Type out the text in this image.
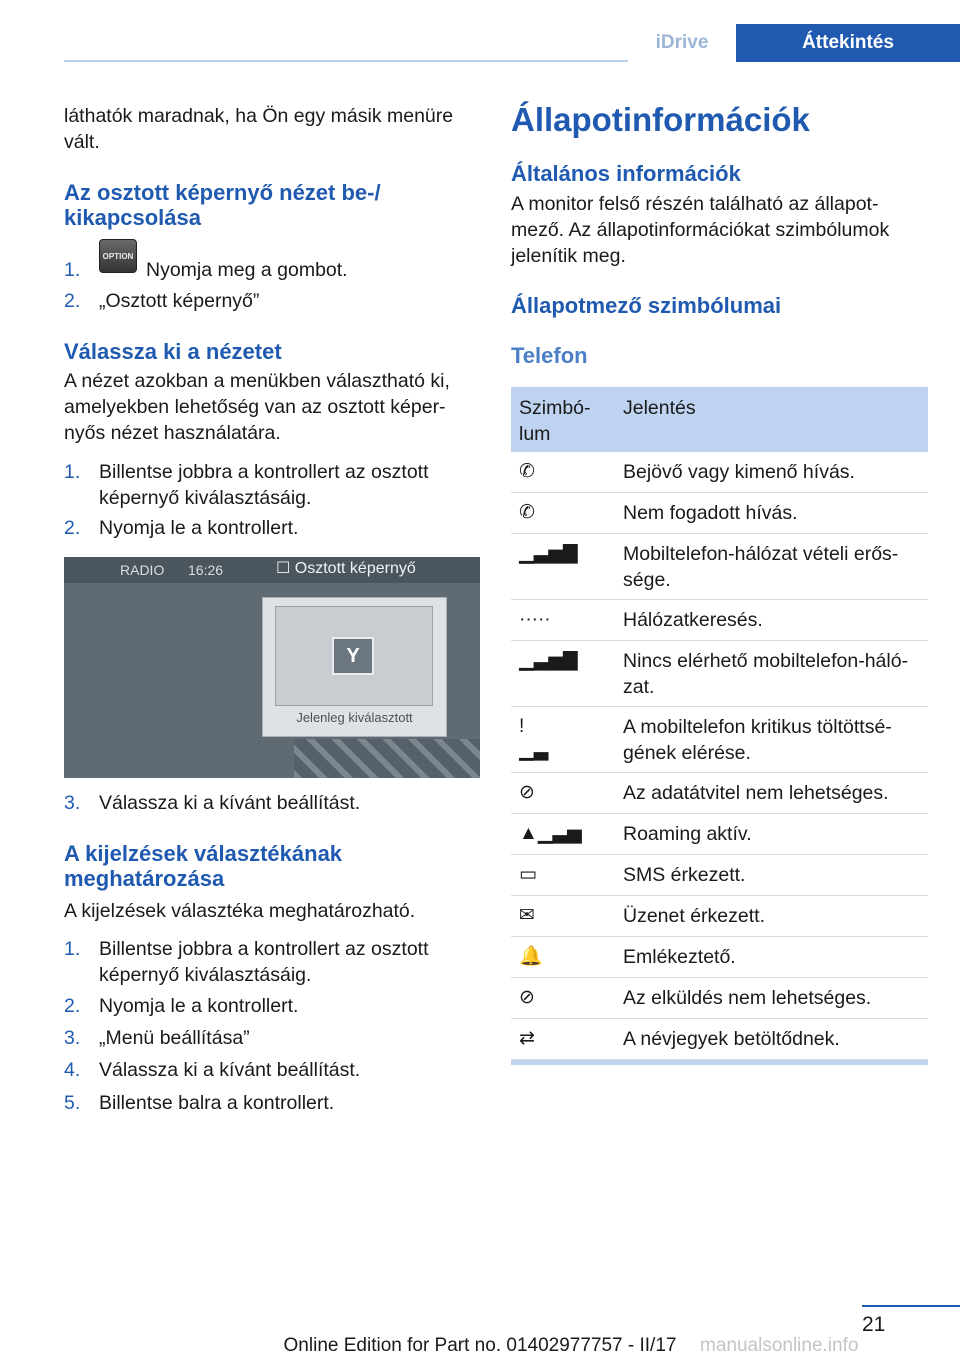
iDrive	Áttekintés
láthatók maradnak, ha Ön egy másik menüre
vált.
Az osztott képernyő nézet be-/
kikapcsolása
1.
OPTION
Nyomja meg a gombot.
2. „Osztott képernyő”
Válassza ki a nézetet
A nézet azokban a menükben választható ki,
amelyekben lehetőség van az osztott képer‐
nyős nézet használatára.
1. Billentse jobbra a kontrollert az osztott
képernyő kiválasztásáig.
2. Nyomja le a kontrollert.
RADIO 16:26	☐ Osztott képernyő
Y
Jelenleg kiválasztott
3. Válassza ki a kívánt beállítást.
A kijelzések választékának
meghatározása
A kijelzések választéka meghatározható.
1. Billentse jobbra a kontrollert az osztott
képernyő kiválasztásáig.
2. Nyomja le a kontrollert.
3. „Menü beállítása”
4. Válassza ki a kívánt beállítást.
5. Billentse balra a kontrollert.
Állapotinformációk
Általános információk
A monitor felső részén található az állapot‐
mező. Az állapotinformációkat szimbólumok
jelenítik meg.
Állapotmező szimbólumai
Telefon
Szimbó‐
lum
Jelentés
✆	Bejövő vagy kimenő hívás.
✆	Nem fogadott hívás.
▁▃▅▇ Mobiltelefon-hálózat vételi erős‐
sége.
·····	Hálózatkeresés.
▁▃▅▇ Nincs elérhető mobiltelefon-háló‐
zat.
!▁▃
A mobiltelefon kritikus töltöttsé‐
gének elérése.
⊘	Az adatátvitel nem lehetséges.
▲▁▃▅ Roaming aktív.
▭	SMS érkezett.
✉	Üzenet érkezett.
🔔	Emlékeztető.
⊘	Az elküldés nem lehetséges.
⇄	A névjegyek betöltődnek.
21
Online Edition for Part no. 01402977757 - II/17	manualsonline.info
